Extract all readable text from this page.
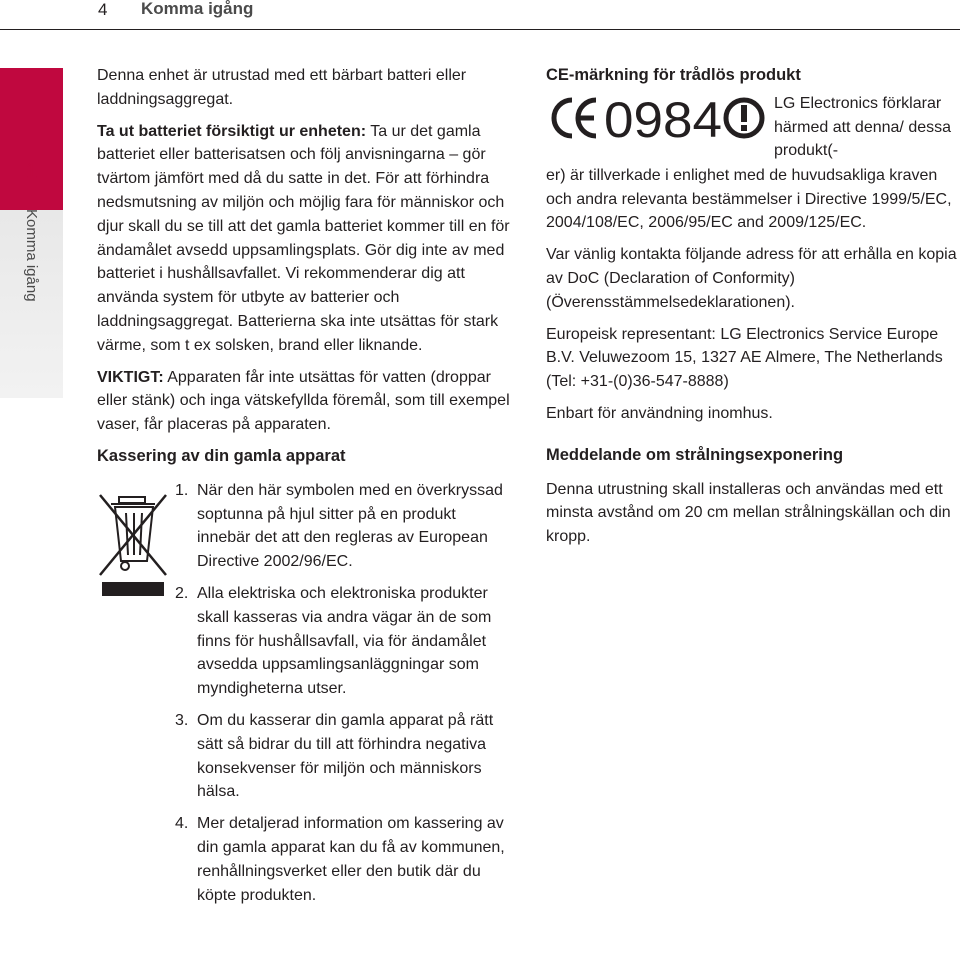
4 Komma igång
1
Komma igång

Denna enhet är utrustad med ett bärbart batteri eller laddningsaggregat.

Ta ut batteriet försiktigt ur enheten: Ta ur det gamla batteriet eller batterisatsen och följ anvisningarna – gör tvärtom jämfört med då du satte in det. För att förhindra nedsmutsning av miljön och möjlig fara för människor och djur skall du se till att det gamla batteriet kommer till en för ändamålet avsedd uppsamlingsplats. Gör dig inte av med batteriet i hushållsavfallet. Vi rekommenderar dig att använda system för utbyte av batterier och laddningsaggregat. Batterierna ska inte utsättas för stark värme, som t ex solsken, brand eller liknande.

VIKTIGT: Apparaten får inte utsättas för vatten (droppar eller stänk) och inga vätskefyllda föremål, som till exempel vaser, får placeras på apparaten.

Kassering av din gamla apparat
1. När den här symbolen med en överkryssad soptunna på hjul sitter på en produkt innebär det att den regleras av European Directive 2002/96/EC.
2. Alla elektriska och elektroniska produkter skall kasseras via andra vägar än de som finns för hushållsavfall, via för ändamålet avsedda uppsamlingsanläggningar som myndigheterna utser.
3. Om du kasserar din gamla apparat på rätt sätt så bidrar du till att förhindra negativa konsekvenser för miljön och människors hälsa.
4. Mer detaljerad information om kassering av din gamla apparat kan du få av kommunen, renhållningsverket eller den butik där du köpte produkten.
CE-märkning för trådlös produkt
0984	LG Electronics förklarar härmed att denna/ dessa produkt(-

er) är tillverkade i enlighet med de huvudsakliga kraven och andra relevanta bestämmelser i Directive 1999/5/EC, 2004/108/EC, 2006/95/EC and 2009/125/EC.

Var vänlig kontakta följande adress för att erhålla en kopia av DoC (Declaration of Conformity) (Överensstämmelsedeklarationen).

Europeisk representant: LG Electronics Service Europe B.V. Veluwezoom 15, 1327 AE Almere, The Netherlands (Tel: +31-(0)36-547-8888)

Enbart för användning inomhus.

Meddelande om strålningsexponering

Denna utrustning skall installeras och användas med ett minsta avstånd om 20 cm mellan strålningskällan och din kropp.
